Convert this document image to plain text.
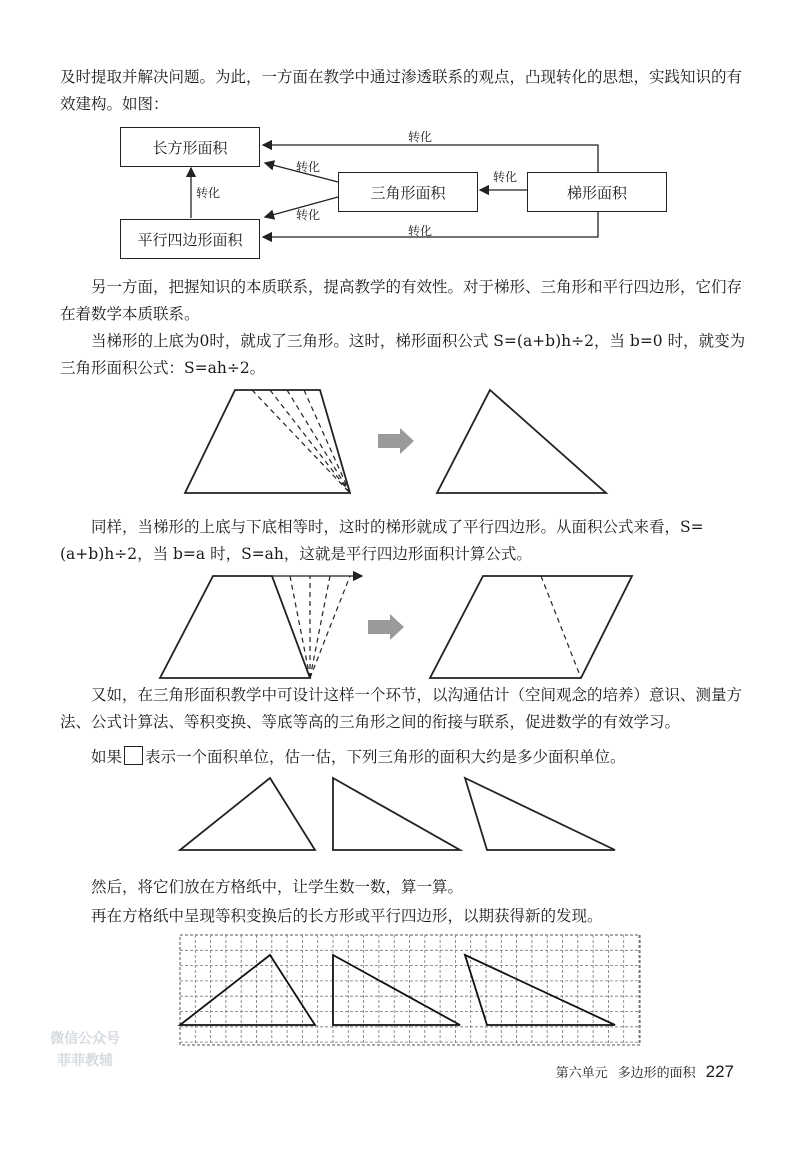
及时提取并解决问题。为此，一方面在教学中通过渗透联系的观点，凸现转化的思想，实践知识的有效建构。如图：

长方形面积
平行四边形面积
三角形面积	梯形面积
转化
转化
转化
转化
转化
转化

另一方面，把握知识的本质联系，提高教学的有效性。对于梯形、三角形和平行四边形，它们存在着数学本质联系。

当梯形的上底为0时，就成了三角形。这时，梯形面积公式 S=(a+b)h÷2，当 b=0 时，就变为三角形面积公式：S=ah÷2。

同样，当梯形的上底与下底相等时，这时的梯形就成了平行四边形。从面积公式来看，S=(a+b)h÷2，当 b=a 时，S=ah，这就是平行四边形面积计算公式。

又如，在三角形面积教学中可设计这样一个环节，以沟通估计（空间观念的培养）意识、测量方法、公式计算法、等积变换、等底等高的三角形之间的衔接与联系，促进数学的有效学习。

如果 表示一个面积单位，估一估，下列三角形的面积大约是多少面积单位。

然后，将它们放在方格纸中，让学生数一数，算一算。

再在方格纸中呈现等积变换后的长方形或平行四边形，以期获得新的发现。

微信公众号
菲菲教辅
第六单元 多边形的面积 227
